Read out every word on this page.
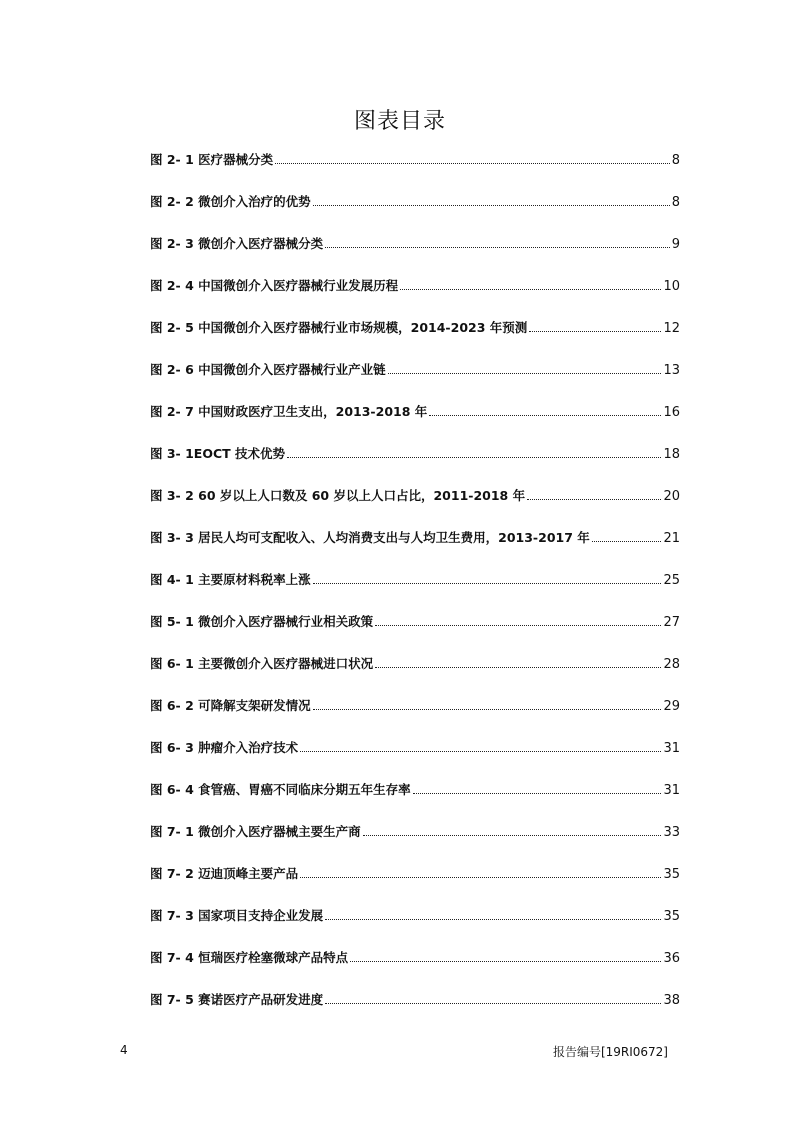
图表目录
图 2- 1 医疗器械分类	8
图 2- 2 微创介入治疗的优势	8
图 2- 3 微创介入医疗器械分类	9
图 2- 4 中国微创介入医疗器械行业发展历程	10
图 2- 5 中国微创介入医疗器械行业市场规模，2014-2023 年预测	12
图 2- 6 中国微创介入医疗器械行业产业链	13
图 2- 7 中国财政医疗卫生支出，2013-2018 年	16
图 3- 1EOCT 技术优势	18
图 3- 2 60 岁以上人口数及 60 岁以上人口占比，2011-2018 年	20
图 3- 3 居民人均可支配收入、人均消费支出与人均卫生费用，2013-2017 年	21
图 4- 1 主要原材料税率上涨	25
图 5- 1 微创介入医疗器械行业相关政策	27
图 6- 1 主要微创介入医疗器械进口状况	28
图 6- 2 可降解支架研发情况	29
图 6- 3 肿瘤介入治疗技术	31
图 6- 4 食管癌、胃癌不同临床分期五年生存率	31
图 7- 1 微创介入医疗器械主要生产商	33
图 7- 2 迈迪顶峰主要产品	35
图 7- 3 国家项目支持企业发展	35
图 7- 4 恒瑞医疗栓塞微球产品特点	36
图 7- 5 赛诺医疗产品研发进度	38
4	报告编号[19RI0672]
